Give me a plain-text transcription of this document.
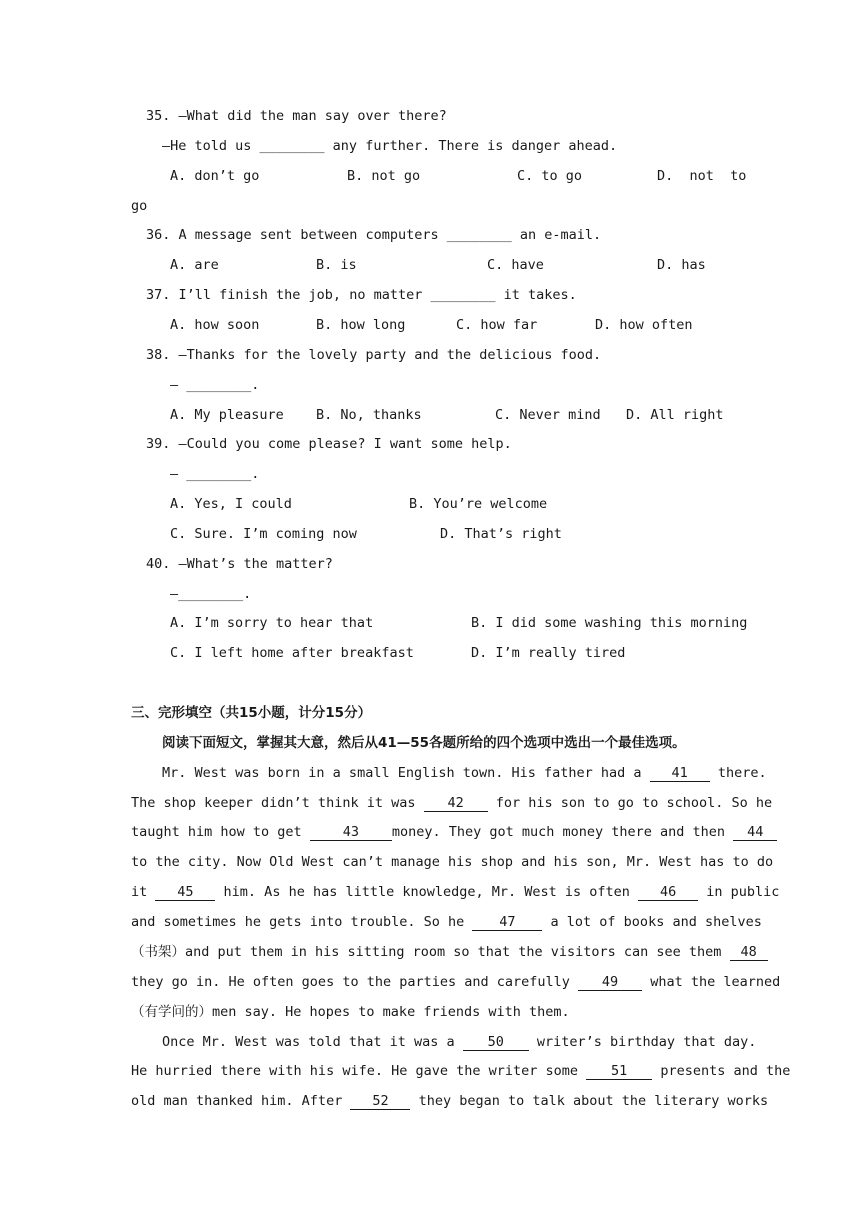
35. —What did the man say over there?
—He told us ________ any further. There is danger ahead.
A. don’t go	B. not go	C. to go	D.  not  to
go
36. A message sent between computers ________ an e-mail.
A. are	B. is	C. have	D. has
37. I’ll finish the job, no matter ________ it takes.
A. how soon	B. how long	C. how far	D. how often
38. —Thanks for the lovely party and the delicious food.
— ________.
A. My pleasure B. No, thanks	C. Never mind D. All right
39. —Could you come please? I want some help.
— ________.
A. Yes, I could	B. You’re welcome
C. Sure. I’m coming now	D. That’s right
40. —What’s the matter?
—________.
A. I’m sorry to hear that	B. I did some washing this morning
C. I left home after breakfast	D. I’m really tired
三、完形填空（共15小题，计分15分）
阅读下面短文，掌握其大意，然后从41—55各题所给的四个选项中选出一个最佳选项。
Mr. West was born in a small English town. His father had a 41 there.
The shop keeper didn’t think it was 42 for his son to go to school. So he
taught him how to get	43 money. They got much money there and then 44
to the city. Now Old West can’t manage his shop and his son, Mr. West has to do
it 45 him. As he has little knowledge, Mr. West is often 46 in public
and sometimes he gets into trouble. So he	47	a lot of books and shelves
（书架）and put them in his sitting room so that the visitors can see them 48
they go in. He often goes to the parties and carefully 49 what the learned
（有学问的）men say. He hopes to make friends with them.
Once Mr. West was told that it was a 50 writer’s birthday that day.
He hurried there with his wife. He gave the writer some 51 presents and the
old man thanked him. After 52 they began to talk about the literary works
